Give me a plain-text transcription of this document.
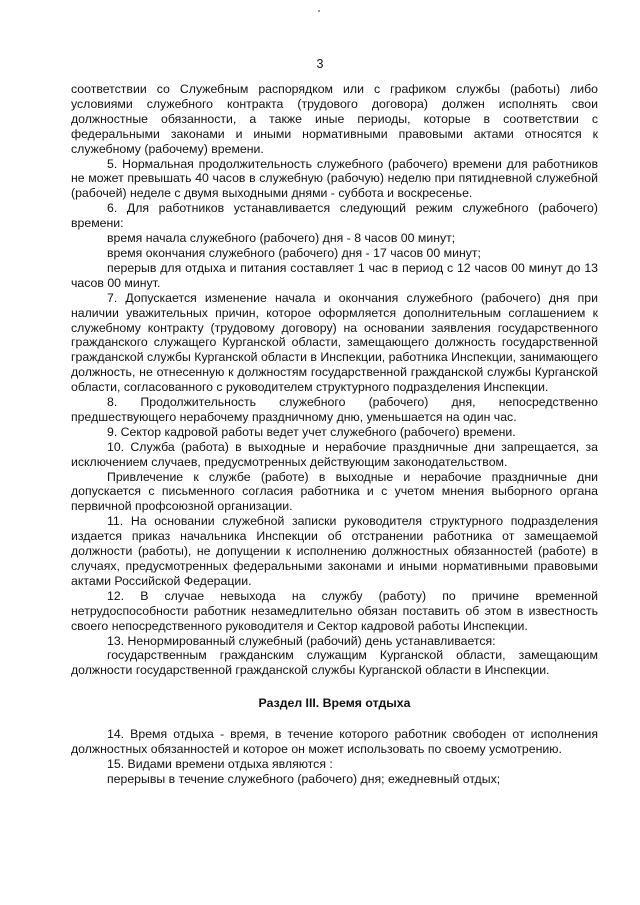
3

соответствии со Служебным распорядком или с графиком службы (работы) либо условиями служебного контракта (трудового договора) должен исполнять свои должностные обязанности, а также иные периоды, которые в соответствии с федеральными законами и иными нормативными правовыми актами относятся к служебному (рабочему) времени.

5. Нормальная продолжительность служебного (рабочего) времени для работников не может превышать 40 часов в служебную (рабочую) неделю при пятидневной служебной (рабочей) неделе с двумя выходными днями - суббота и воскресенье.

6. Для работников устанавливается следующий режим служебного (рабочего) времени:

время начала служебного (рабочего) дня - 8 часов 00 минут;

время окончания служебного (рабочего) дня - 17 часов 00 минут;

перерыв для отдыха и питания составляет 1 час в период с 12 часов 00 минут до 13 часов 00 минут.

7. Допускается изменение начала и окончания служебного (рабочего) дня при наличии уважительных причин, которое оформляется дополнительным соглашением к служебному контракту (трудовому договору) на основании заявления государственного гражданского служащего Курганской области, замещающего должность государственной гражданской службы Курганской области в Инспекции, работника Инспекции, занимающего должность, не отнесенную к должностям государственной гражданской службы Курганской области, согласованного с руководителем структурного подразделения Инспекции.

8. Продолжительность служебного (рабочего) дня, непосредственно предшествующего нерабочему праздничному дню, уменьшается на один час.

9. Сектор кадровой работы ведет учет служебного (рабочего) времени.

10. Служба (работа) в выходные и нерабочие праздничные дни запрещается, за исключением случаев, предусмотренных действующим законодательством.

Привлечение к службе (работе) в выходные и нерабочие праздничные дни допускается с письменного согласия работника и с учетом мнения выборного органа первичной профсоюзной организации.

11. На основании служебной записки руководителя структурного подразделения издается приказ начальника Инспекции об отстранении работника от замещаемой должности (работы), не допущении к исполнению должностных обязанностей (работе) в случаях, предусмотренных федеральными законами и иными нормативными правовыми актами Российской Федерации.

12. В случае невыхода на службу (работу) по причине временной нетрудоспособности работник незамедлительно обязан поставить об этом в известность своего непосредственного руководителя и Сектор кадровой работы Инспекции.

13. Ненормированный служебный (рабочий) день устанавливается:

государственным гражданским служащим Курганской области, замещающим должности государственной гражданской службы Курганской области в Инспекции.

Раздел III. Время отдыха

14. Время отдыха - время, в течение которого работник свободен от исполнения должностных обязанностей и которое он может использовать по своему усмотрению.

15. Видами времени отдыха являются :

перерывы в течение служебного (рабочего) дня; ежедневный отдых;
